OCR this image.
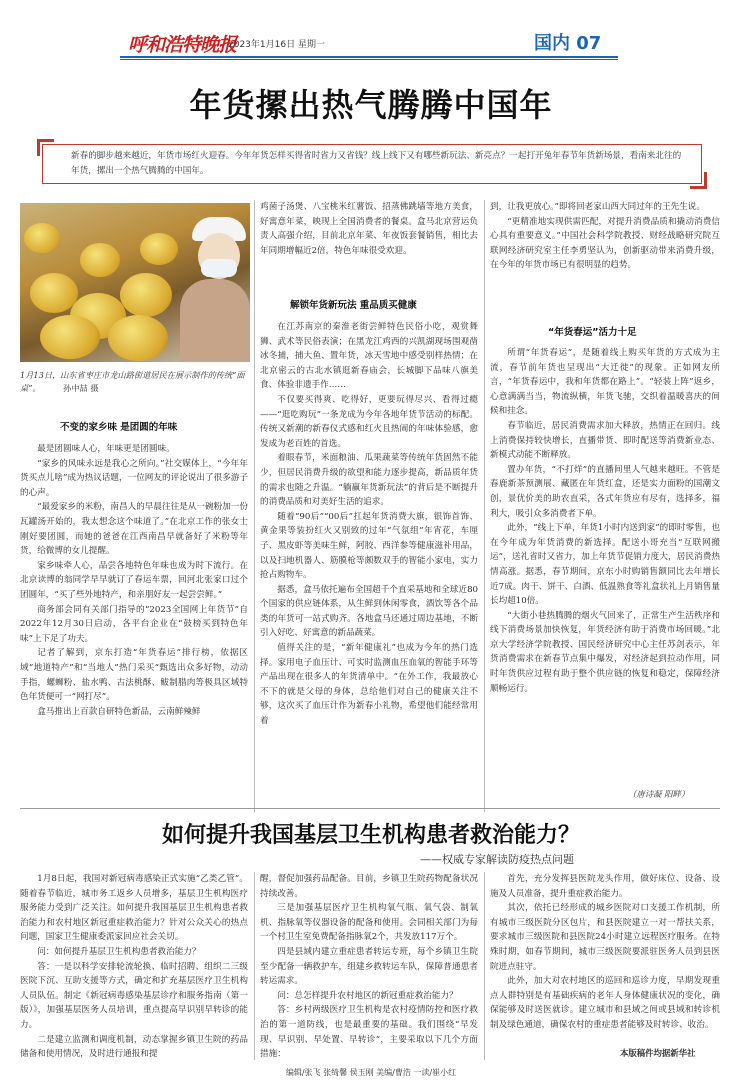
呼和浩特晚报
2023年1月16日 星期一	国内 07
年货摞出热气腾腾中国年
新春的脚步越来越近，年货市场红火迎春。今年年货怎样买得省时省力又省钱？线上线下又有哪些新玩法、新亮点？一起打开兔年春节年货新场景，看南来北往的年货，摞出一个热气腾腾的中国年。
1月13日，山东省枣庄市龙山路街道居民在展示制作的传统“面桌”。	孙中喆 摄
不变的家乡味 是团圆的年味

最是团圆味人心，年味更是团圆味。

“家乡的风味永远是我心之所向。”社交媒体上，“今年年货买点儿啥”成为热议话题，一位网友的评论说出了很多游子的心声。

“最爱家乡的米粉，南昌人的早晨往往是从一碗粉加一份瓦罐汤开始的，我太想念这个味道了。”在北京工作的张女士刚好要团圆，而她的爸爸在江西南昌早就备好了米粉等年货，给微博的女儿提醒。

家乡味牵人心，品尝各地特色年味也成为时下流行。在北京读博的翁同学早早就订了春运车票，回河北张家口过个团圆年，“买了些外地特产，和亲朋好友一起尝尝鲜。”

商务部会同有关部门指导的“2023全国网上年货节”自2022年12月30日启动，各平台企业在“鼓榜买到特色年味”上下足了功夫。

记者了解到，京东打造“年货春运”排行榜，依据区域“地道特产”和“当地人”热门采买“甄选出众多好物，动动手指，螺蛳粉、盐水鸭、古法桃酥、鲅制腊肉等极具区域特色年货便可一“网打尽”。

盒马推出上百款自研特色新品，云南鲜辣鲜

鸡菌子汤煲、八宝桃米红薯饭、招蒸佛跳墙等地方美食，好寓意年菜，映现上全国消费者的餐桌。盒马北京营运负责人高强介绍，目前北京年菜、年夜饭套餐销售，相比去年同期增幅近2倍，特色年味很受欢迎。

解锁年货新玩法 重品质买健康

在江苏南京的秦淮老街尝鲜特色民俗小吃，观赏舞狮、武术等民俗表演；在黑龙江鸡西的兴凯湖现场围观凿冰冬捕，捕大鱼、置年货，冰天雪地中感受别样热情；在北京密云的古北水镇逛新春庙会，长城脚下品味八旗美食、体验非遗手作……

不仅要买得爽、吃得好，更要玩得尽兴、看得过瘾——“逛吃购玩”一条龙成为今年各地年货节活动的标配。传统又新潮的新春仪式感和红火且热闹的年味体验感，愈发成为老百姓的首选。

着眼春节，米面粮油、瓜果蔬菜等传统年货固然不能少，但居民消费升级的欲望和能力逐步提高，新品质年货的需求也随之升温。“躺赢年货新玩法”的背后是不断提升的消费品质和对美好生活的追求。

随着“90后”“00后”扛起年货消费大旗，银饰首饰、黄金果等装扮红火又别致的过年“气氛组”年宵花，车厘子、黑皮虾等美味生鲜，阿胶、西洋参等健康滋补用品，以及扫地机器人、筋膜枪等颇数双手的智能小家电，实力抢占购物车。

据悉，盒马依托遍布全国超千个直采基地和全球近80个国家的供应链体系，从生鲜到休闲零食，酒饮等各个品类的年货可一站式购齐。各地盒马还通过周边基地，不断引入好吃、好寓意的新品蔬菜。

值得关注的是，“新年健康礼”也成为今年的热门选择。家用电子血压计、可实时监测血压血氧的智能手环等产品出现在很多人的年货清单中。“在外工作，我最放心不下的就是父母的身体，总给他们对自己的健康关注不够，这次买了血压计作为新春小礼物，希望他们能经常用着

到，让我更放心。”即将回老家山西大同过年的王先生说。

“更精准地实现供需匹配，对提升消费品质和撬动消费信心具有重要意义。”中国社会科学院教授、财经战略研究院互联网经济研究室主任李勇坚认为，创新驱动带来消费升级，在今年的年货市场已有很明显的趋势。

“年货春运”活力十足

所谓“年货春运”，是随着线上购买年货的方式成为主流，春节前年货也呈现出“大迁徙”的现象。正如网友所言，“年货春运中，我和年货都在路上”。“轻装上阵”返乡，心意满满当当，物流纵横，年货飞驰，交织着温暖喜庆的间候和挂念。

春节临近，居民消费需求加大释放，热情正在回归。线上消费保持较快增长，直播带货、即时配送等消费新业态、新模式动能不断释放。

置办年货，“不打烊”的直播间里人气越来越旺。不管是春鹿新茶预测展、藏匿在年货红盒，还是实力面粉的国潮文创，景优价美的助农直采，各式年货应有尽有，选择多，福利大，吸引众多消费者下单。

此外，“线上下单，年货1小时内送到家”的即时零售，也在今年成为年货消费的新选择。配送小哥充当“互联网搬运”，送礼省时又省力，加上年货节促销力度大，居民消费热情高涨。据悉，春节期间，京东小时购销售额同比去年增长近7成。肉干、饼干、白酒、低温熟食等礼盒状礼上月销售量长均超10倍。

“大街小巷热腾腾的烟火气回来了，正常生产生活秩序和线下消费场景加快恢复，年货经济有助于消费市场回暖。”北京大学经济学院教授、国民经济研究中心主任苏剑表示，年货消费需求在新春节点集中爆发，对经济起到拉动作用，同时年货供应过程有助于整个供应链的恢复和稳定，保障经济顺畅运行。

（唐诗凝 阳畔）
如何提升我国基层卫生机构患者救治能力？
——权威专家解读防疫热点问题

1月8日起，我国对新冠病毒感染正式实施“乙类乙管”。随着春节临近，城市务工返乡人员增多，基层卫生机构医疗服务能力受到广泛关注。如何提升我国基层卫生机构患者救治能力和农村地区新冠重症救治能力？针对公众关心的热点问题，国家卫生健康委派家回应社会关切。

问：如何提升基层卫生机构患者救治能力？

答：一是以科学安排轮流轮换、临时招聘、组织二三级医院下沉、互助支援等方式，确定和扩充基层医疗卫生机构人员队伍。制定《新冠病毒感染基层诊疗和服务指南（第一版）》，加强基层医务人员培训，重点提高早识别早转诊的能力。

二是建立监测和调度机制，动态掌握乡镇卫生院的药品储备和使用情况，及时进行通报和提

醒，督促加强药品配备。目前，乡镇卫生院药物配备状况持续改善。

三是加强基层医疗卫生机构氧气瓶、氧气袋、制氧机、指脉氧等仪器设备的配备和使用。会同相关部门为每一个村卫生室免费配备指脉氧2个，共发放117万个。

四是县域内建立重症患者转运专班，每个乡镇卫生院至少配备一辆救护车，组建乡救转运车队，保障普通患者转运需求。

问：总怎样提升农村地区的新冠重症救治能力？

答：乡村两级医疗卫生机构是农村疫情防控和医疗救治的第一道防线，也是最重要的基础。我们围绕“早发现、早识别、早处置、早转诊”，主要采取以下几个方面措施：

首先，充分发挥县医院龙头作用，做好床位、设备、设施及人员准备，提升重症救治能力。

其次，依托已经形成的城乡医院对口支援工作机制，所有城市三级医院分区包片，和县医院建立一对一帮扶关系，要求城市三级医院和县医院24小时建立远程医疗服务。在特殊时期，如春节期间，城市三级医院要派驻医务人员到县医院进点驻守。

此外，加大对农村地区的巡回和巡诊力度，早期发现重点人群特别是有基础疾病的老年人身体健康状况的变化，确保能够及时送医就诊。建立城市和县域之间或县域和转诊机制及绿色通道，确保农村的重症患者能够及时转诊、收治。

本版稿件均据新华社
编辑/张飞 张绮馨 侯玉刚 美编/曹浩 一读/崔小红
